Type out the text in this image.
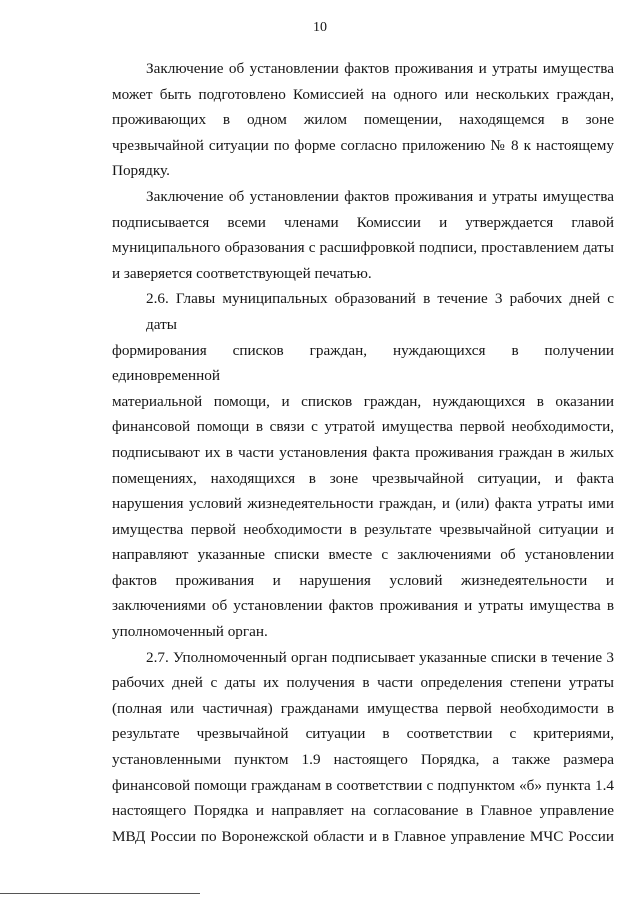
10
Заключение об установлении фактов проживания и утраты имущества
может быть подготовлено Комиссией на одного или нескольких граждан,
проживающих в одном жилом помещении, находящемся в зоне
чрезвычайной ситуации по форме согласно приложению № 8 к настоящему
Порядку.
Заключение об установлении фактов проживания и утраты имущества
подписывается всеми членами Комиссии и утверждается главой
муниципального образования с расшифровкой подписи, проставлением даты
и заверяется соответствующей печатью.
2.6. Главы муниципальных образований в течение 3 рабочих дней с даты
формирования списков граждан, нуждающихся в получении единовременной
материальной помощи, и списков граждан, нуждающихся в оказании
финансовой помощи в связи с утратой имущества первой необходимости,
подписывают их в части установления факта проживания граждан в жилых
помещениях, находящихся в зоне чрезвычайной ситуации, и факта
нарушения условий жизнедеятельности граждан, и (или) факта утраты ими
имущества первой необходимости в результате чрезвычайной ситуации и
направляют указанные списки вместе с заключениями об установлении
фактов проживания и нарушения условий жизнедеятельности и
заключениями об установлении фактов проживания и утраты имущества в
уполномоченный орган.
2.7. Уполномоченный орган подписывает указанные списки в течение 3
рабочих дней с даты их получения в части определения степени утраты
(полная или частичная) гражданами имущества первой необходимости в
результате чрезвычайной ситуации в соответствии с критериями,
установленными пунктом 1.9 настоящего Порядка, а также размера
финансовой помощи гражданам в соответствии с подпунктом «б» пункта 1.4
настоящего Порядка и направляет на согласование в Главное управление
МВД России по Воронежской области и в Главное управление МЧС России
